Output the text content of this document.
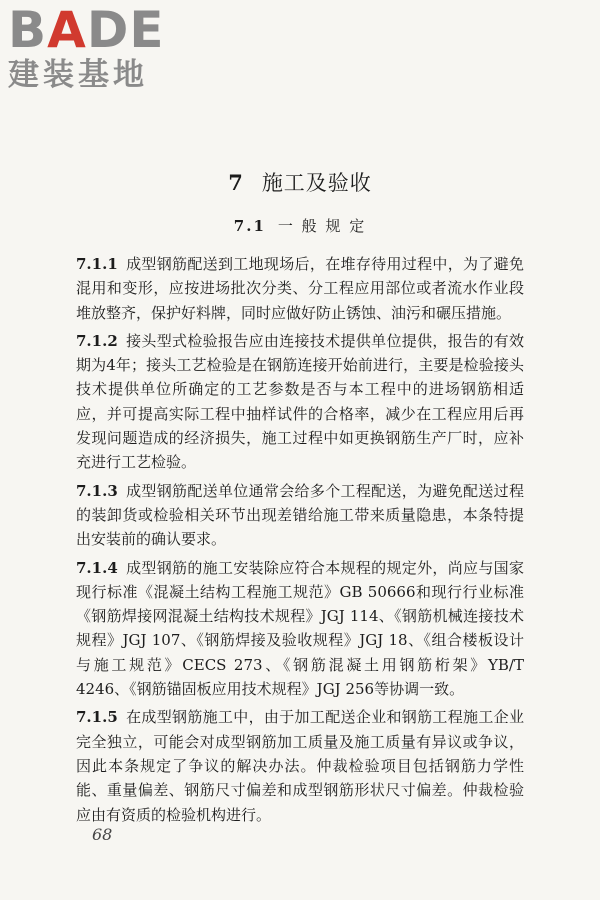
BADE
建装基地
7 施工及验收
7.1 一 般 规 定

7.1.1 成型钢筋配送到工地现场后，在堆存待用过程中，为了避免混用和变形，应按进场批次分类、分工程应用部位或者流水作业段堆放整齐，保护好料牌，同时应做好防止锈蚀、油污和碾压措施。

7.1.2 接头型式检验报告应由连接技术提供单位提供，报告的有效期为4年；接头工艺检验是在钢筋连接开始前进行，主要是检验接头技术提供单位所确定的工艺参数是否与本工程中的进场钢筋相适应，并可提高实际工程中抽样试件的合格率，减少在工程应用后再发现问题造成的经济损失，施工过程中如更换钢筋生产厂时，应补充进行工艺检验。

7.1.3 成型钢筋配送单位通常会给多个工程配送，为避免配送过程的装卸货或检验相关环节出现差错给施工带来质量隐患，本条特提出安装前的确认要求。

7.1.4 成型钢筋的施工安装除应符合本规程的规定外，尚应与国家现行标准《混凝土结构工程施工规范》GB 50666和现行行业标准《钢筋焊接网混凝土结构技术规程》JGJ 114、《钢筋机械连接技术规程》JGJ 107、《钢筋焊接及验收规程》JGJ 18、《组合楼板设计与施工规范》CECS 273、《钢筋混凝土用钢筋桁架》YB/T 4246、《钢筋锚固板应用技术规程》JGJ 256等协调一致。

7.1.5 在成型钢筋施工中，由于加工配送企业和钢筋工程施工企业完全独立，可能会对成型钢筋加工质量及施工质量有异议或争议，因此本条规定了争议的解决办法。仲裁检验项目包括钢筋力学性能、重量偏差、钢筋尺寸偏差和成型钢筋形状尺寸偏差。仲裁检验应由有资质的检验机构进行。

68
